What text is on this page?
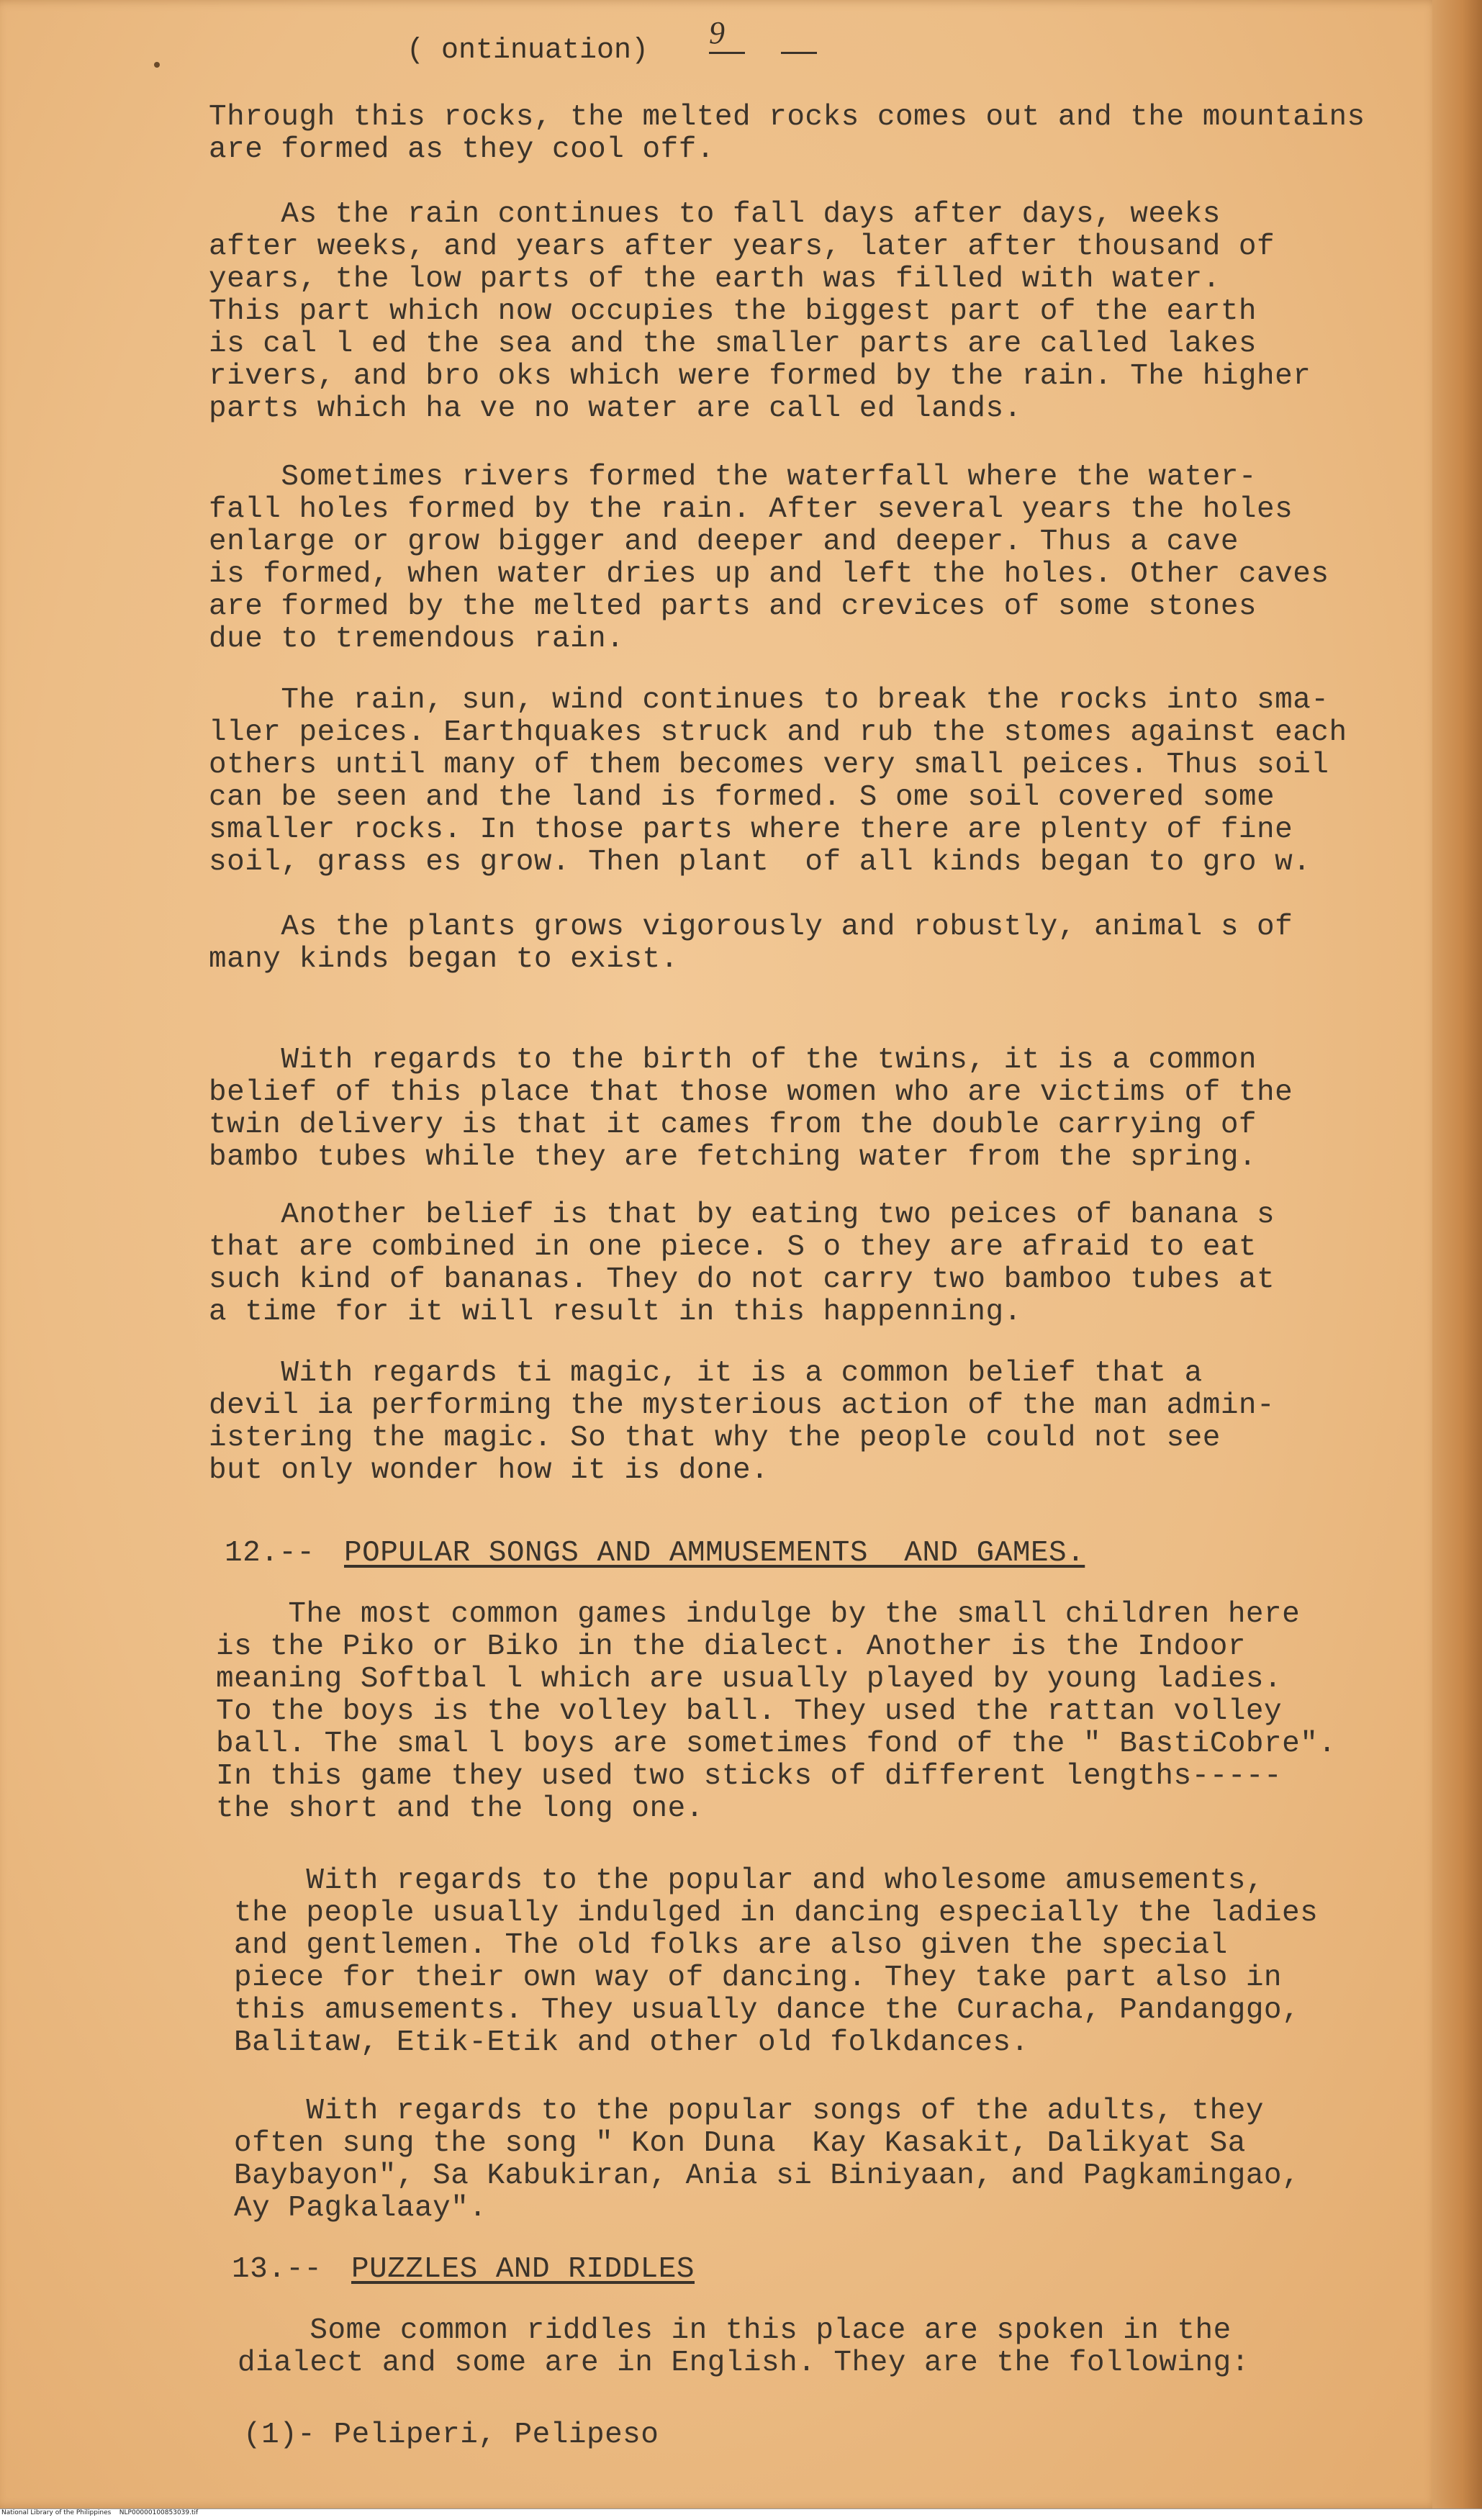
( ontinuation)
9
Through this rocks, the melted rocks comes out and the mountains
are formed as they cool off.
As the rain continues to fall days after days, weeks
after weeks, and years after years, later after thousand of
years, the low parts of the earth was filled with water.
This part which now occupies the biggest part of the earth
is cal l ed the sea and the smaller parts are called lakes
rivers, and bro oks which were formed by the rain. The higher
parts which ha ve no water are call ed lands.
Sometimes rivers formed the waterfall where the water-
fall holes formed by the rain. After several years the holes
enlarge or grow bigger and deeper and deeper. Thus a cave
is formed, when water dries up and left the holes. Other caves
are formed by the melted parts and crevices of some stones
due to tremendous rain.
The rain, sun, wind continues to break the rocks into sma-
ller peices. Earthquakes struck and rub the stomes against each
others until many of them becomes very small peices. Thus soil
can be seen and the land is formed. S ome soil covered some
smaller rocks. In those parts where there are plenty of fine
soil, grass es grow. Then plant  of all kinds began to gro w.
As the plants grows vigorously and robustly, animal s of
many kinds began to exist.
With regards to the birth of the twins, it is a common
belief of this place that those women who are victims of the
twin delivery is that it cames from the double carrying of
bambo tubes while they are fetching water from the spring.
Another belief is that by eating two peices of banana s
that are combined in one piece. S o they are afraid to eat
such kind of bananas. They do not carry two bamboo tubes at
a time for it will result in this happenning.
With regards ti magic, it is a common belief that a
devil ia performing the mysterious action of the man admin-
istering the magic. So that why the people could not see
but only wonder how it is done.
12.-- POPULAR SONGS AND AMMUSEMENTS  AND GAMES.
The most common games indulge by the small children here
is the Piko or Biko in the dialect. Another is the Indoor
meaning Softbal l which are usually played by young ladies.
To the boys is the volley ball. They used the rattan volley
ball. The smal l boys are sometimes fond of the " BastiCobre".
In this game they used two sticks of different lengths-----
the short and the long one.
With regards to the popular and wholesome amusements,
the people usually indulged in dancing especially the ladies
and gentlemen. The old folks are also given the special
piece for their own way of dancing. They take part also in
this amusements. They usually dance the Curacha, Pandanggo,
Balitaw, Etik-Etik and other old folkdances.
With regards to the popular songs of the adults, they
often sung the song " Kon Duna  Kay Kasakit, Dalikyat Sa
Baybayon", Sa Kabukiran, Ania si Biniyaan, and Pagkamingao,
Ay Pagkalaay".
13.-- PUZZLES AND RIDDLES
Some common riddles in this place are spoken in the
dialect and some are in English. They are the following:
(1)- Peliperi, Pelipeso
National Library of the Philippines    NLP00000100853039.tif
